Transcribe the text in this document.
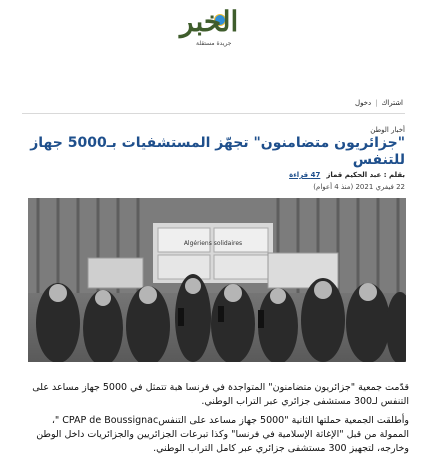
الخبر
جريدة مستقلة
اشتراك
|
دخول
أخبار الوطن
"جزائريون متضامنون" تجهّز المستشفيات بـ5000 جهاز للتنفس
بقلم : عبد الحكيم قماز
47 قراءة
22 فيفري 2021 (منذ 4 أعوام)
Algériens solidaires

قدّمت جمعية "جزائريون متضامنون" المتواجدة في فرنسا هبة تتمثل في 5000 جهاز مساعد على التنفس لـ300 مستشفى جزائري عبر التراب الوطني.

وأطلقت الجمعية حملتها الثانية "5000 جهاز مساعد على التنفسCPAP de Boussignac "، الممولة من قبل "الإغاثة الإسلامية في فرنسا" وكذا تبرعات الجزائريين والجزائريات داخل الوطن وخارجه، لتجهيز 300 مستشفى جزائري عبر كامل التراب الوطني.
